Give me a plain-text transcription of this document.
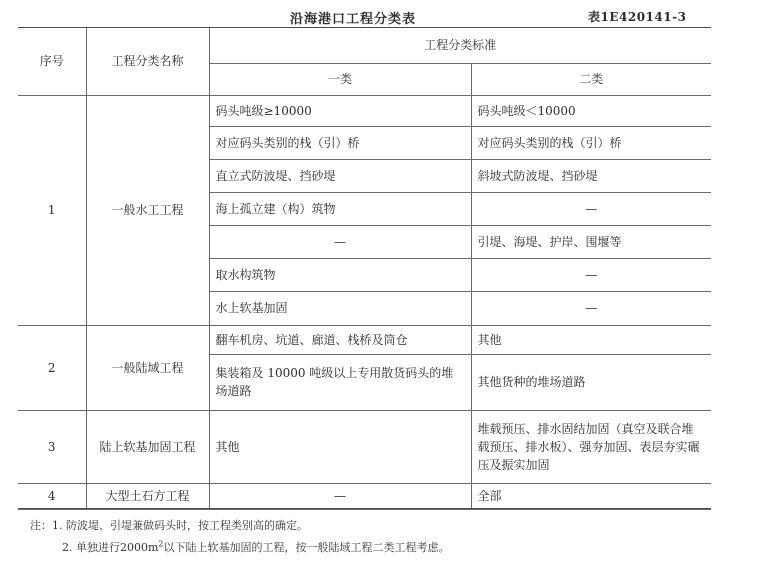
沿海港口工程分类表	表1E420141-3
序号	工程分类名称	工程分类标准	
		一类	二类
1	一般水工工程	码头吨级≥10000	码头吨级＜10000
		对应码头类别的栈（引）桥	对应码头类别的栈（引）桥
		直立式防波堤、挡砂堤	斜坡式防波堤、挡砂堤
		海上孤立建（构）筑物	—
		—	引堤、海堤、护岸、围堰等
		取水构筑物	—
		水上软基加固	—
2	一般陆域工程	翻车机房、坑道、廊道、栈桥及筒仓	其他
		集装箱及 10000 吨级以上专用散货码头的堆场道路	其他货种的堆场道路
3	陆上软基加固工程	其他	堆载预压、排水固结加固（真空及联合堆载预压、排水板）、强夯加固、表层夯实碾压及振实加固
4	大型土石方工程	—	全部
注：1. 防波堤、引堤兼做码头时，按工程类别高的确定。
2. 单独进行$2000m^2$以下陆上软基加固的工程，按一般陆域工程二类工程考虑。
